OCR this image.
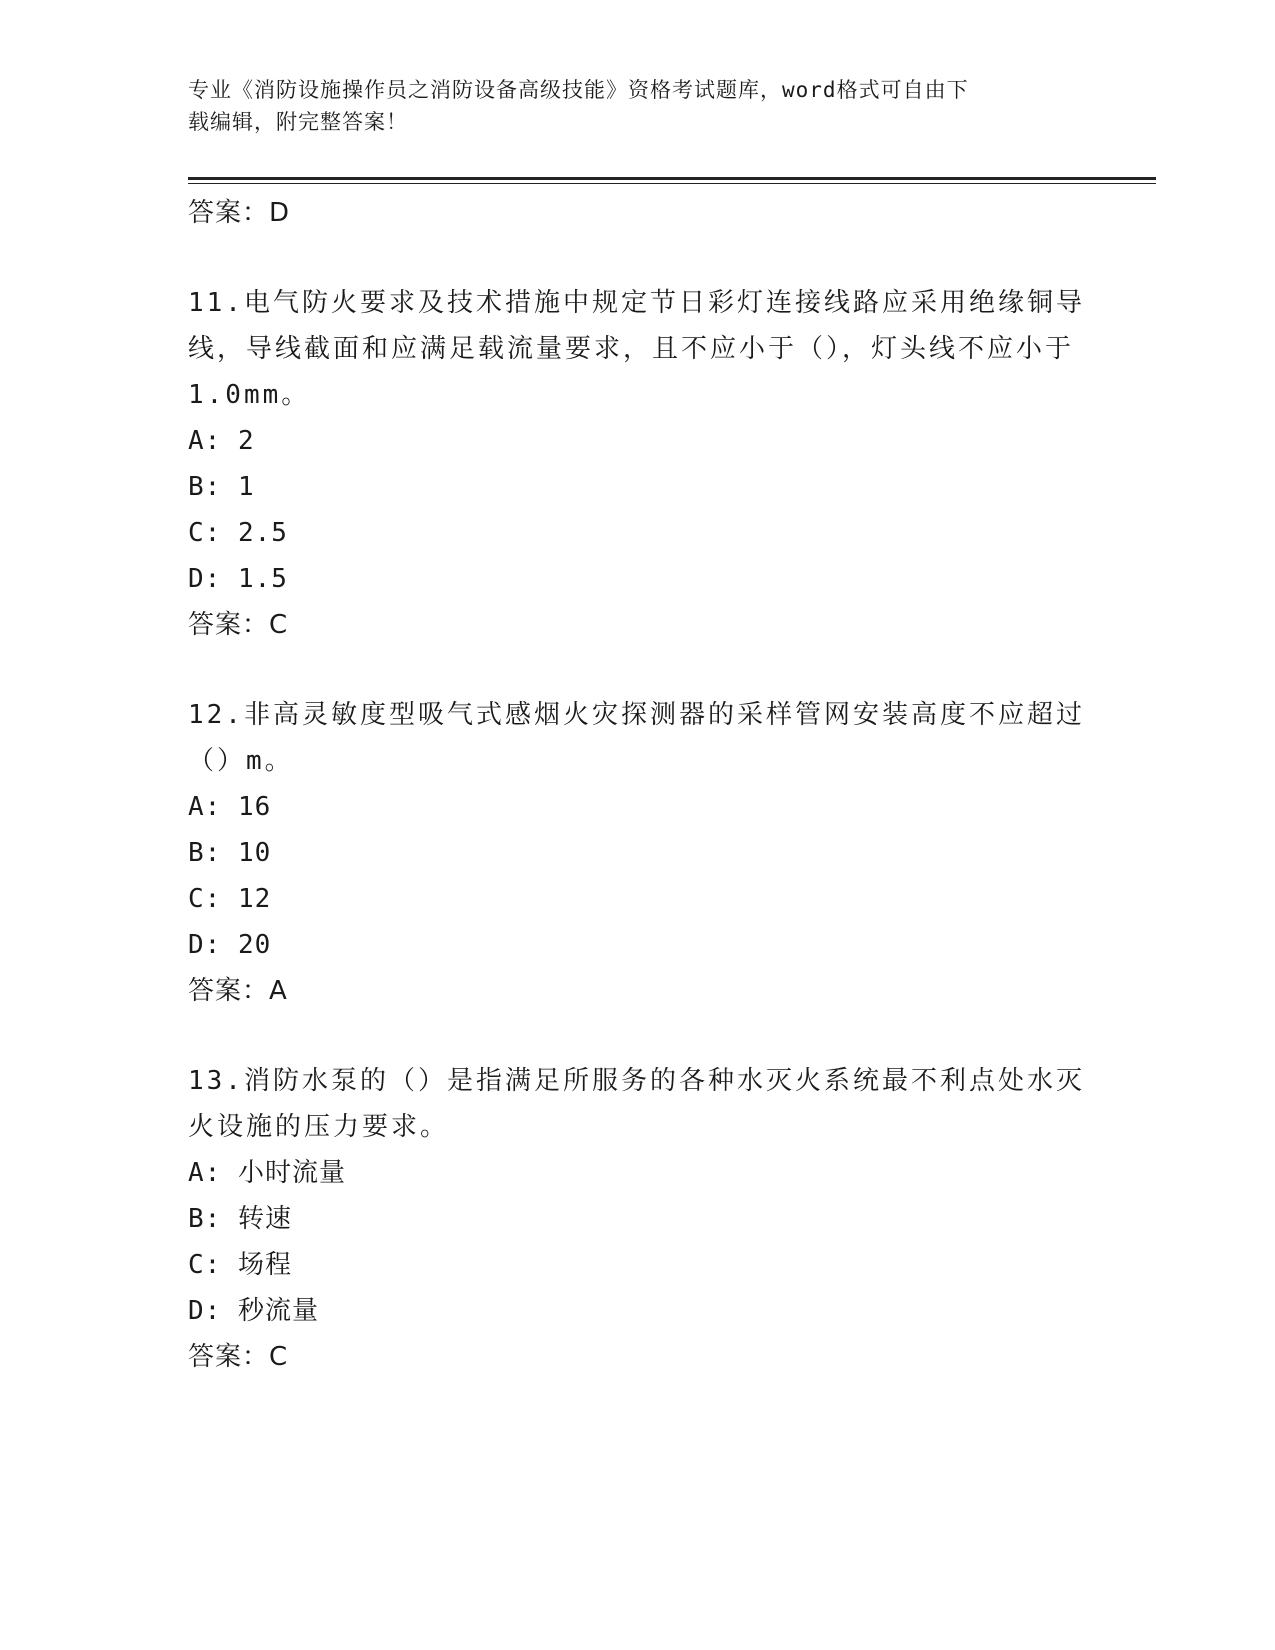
专业《消防设施操作员之消防设备高级技能》资格考试题库，word格式可自由下
载编辑，附完整答案！
答案：D
11.电气防火要求及技术措施中规定节日彩灯连接线路应采用绝缘铜导线，导线截面和应满足载流量要求，且不应小于（），灯头线不应小于1.0mm。
A: 2
B: 1
C: 2.5
D: 1.5
答案：C
12.非高灵敏度型吸气式感烟火灾探测器的采样管网安装高度不应超过（）m。
A: 16
B: 10
C: 12
D: 20
答案：A
13.消防水泵的（）是指满足所服务的各种水灭火系统最不利点处水灭火设施的压力要求。
A: 小时流量
B: 转速
C: 场程
D: 秒流量
答案：C
